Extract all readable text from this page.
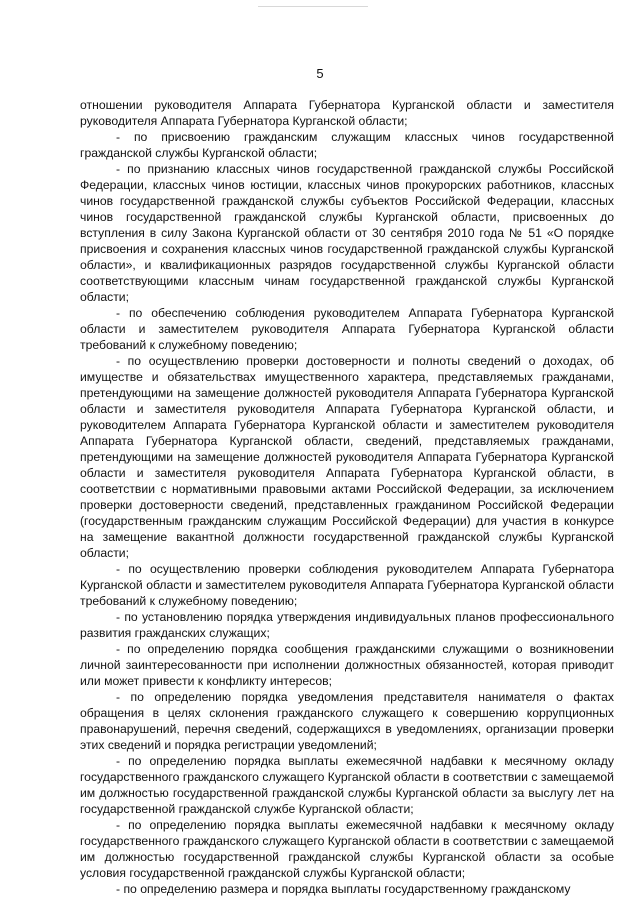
5

отношении руководителя Аппарата Губернатора Курганской области и заместителя руководителя Аппарата Губернатора Курганской области;

- по присвоению гражданским служащим классных чинов государственной гражданской службы Курганской области;

- по признанию классных чинов государственной гражданской службы Российской Федерации, классных чинов юстиции, классных чинов прокурорских работников, классных чинов государственной гражданской службы субъектов Российской Федерации, классных чинов государственной гражданской службы Курганской области, присвоенных до вступления в силу Закона Курганской области от 30 сентября 2010 года № 51 «О порядке присвоения и сохранения классных чинов государственной гражданской службы Курганской области», и квалификационных разрядов государственной службы Курганской области соответствующими классным чинам государственной гражданской службы Курганской области;

- по обеспечению соблюдения руководителем Аппарата Губернатора Курганской области и заместителем руководителя Аппарата Губернатора Курганской области требований к служебному поведению;

- по осуществлению проверки достоверности и полноты сведений о доходах, об имуществе и обязательствах имущественного характера, представляемых гражданами, претендующими на замещение должностей руководителя Аппарата Губернатора Курганской области и заместителя руководителя Аппарата Губернатора Курганской области, и руководителем Аппарата Губернатора Курганской области и заместителем руководителя Аппарата Губернатора Курганской области, сведений, представляемых гражданами, претендующими на замещение должностей руководителя Аппарата Губернатора Курганской области и заместителя руководителя Аппарата Губернатора Курганской области, в соответствии с нормативными правовыми актами Российской Федерации, за исключением проверки достоверности сведений, представленных гражданином Российской Федерации (государственным гражданским служащим Российской Федерации) для участия в конкурсе на замещение вакантной должности государственной гражданской службы Курганской области;

- по осуществлению проверки соблюдения руководителем Аппарата Губернатора Курганской области и заместителем руководителя Аппарата Губернатора Курганской области требований к служебному поведению;

- по установлению порядка утверждения индивидуальных планов профессионального развития гражданских служащих;

- по определению порядка сообщения гражданскими служащими о возникновении личной заинтересованности при исполнении должностных обязанностей, которая приводит или может привести к конфликту интересов;

- по определению порядка уведомления представителя нанимателя о фактах обращения в целях склонения гражданского служащего к совершению коррупционных правонарушений, перечня сведений, содержащихся в уведомлениях, организации проверки этих сведений и порядка регистрации уведомлений;

- по определению порядка выплаты ежемесячной надбавки к месячному окладу государственного гражданского служащего Курганской области в соответствии с замещаемой им должностью государственной гражданской службы Курганской области за выслугу лет на государственной гражданской службе Курганской области;

- по определению порядка выплаты ежемесячной надбавки к месячному окладу государственного гражданского служащего Курганской области в соответствии с замещаемой им должностью государственной гражданской службы Курганской области за особые условия государственной гражданской службы Курганской области;

- по определению размера и порядка выплаты государственному гражданскому
